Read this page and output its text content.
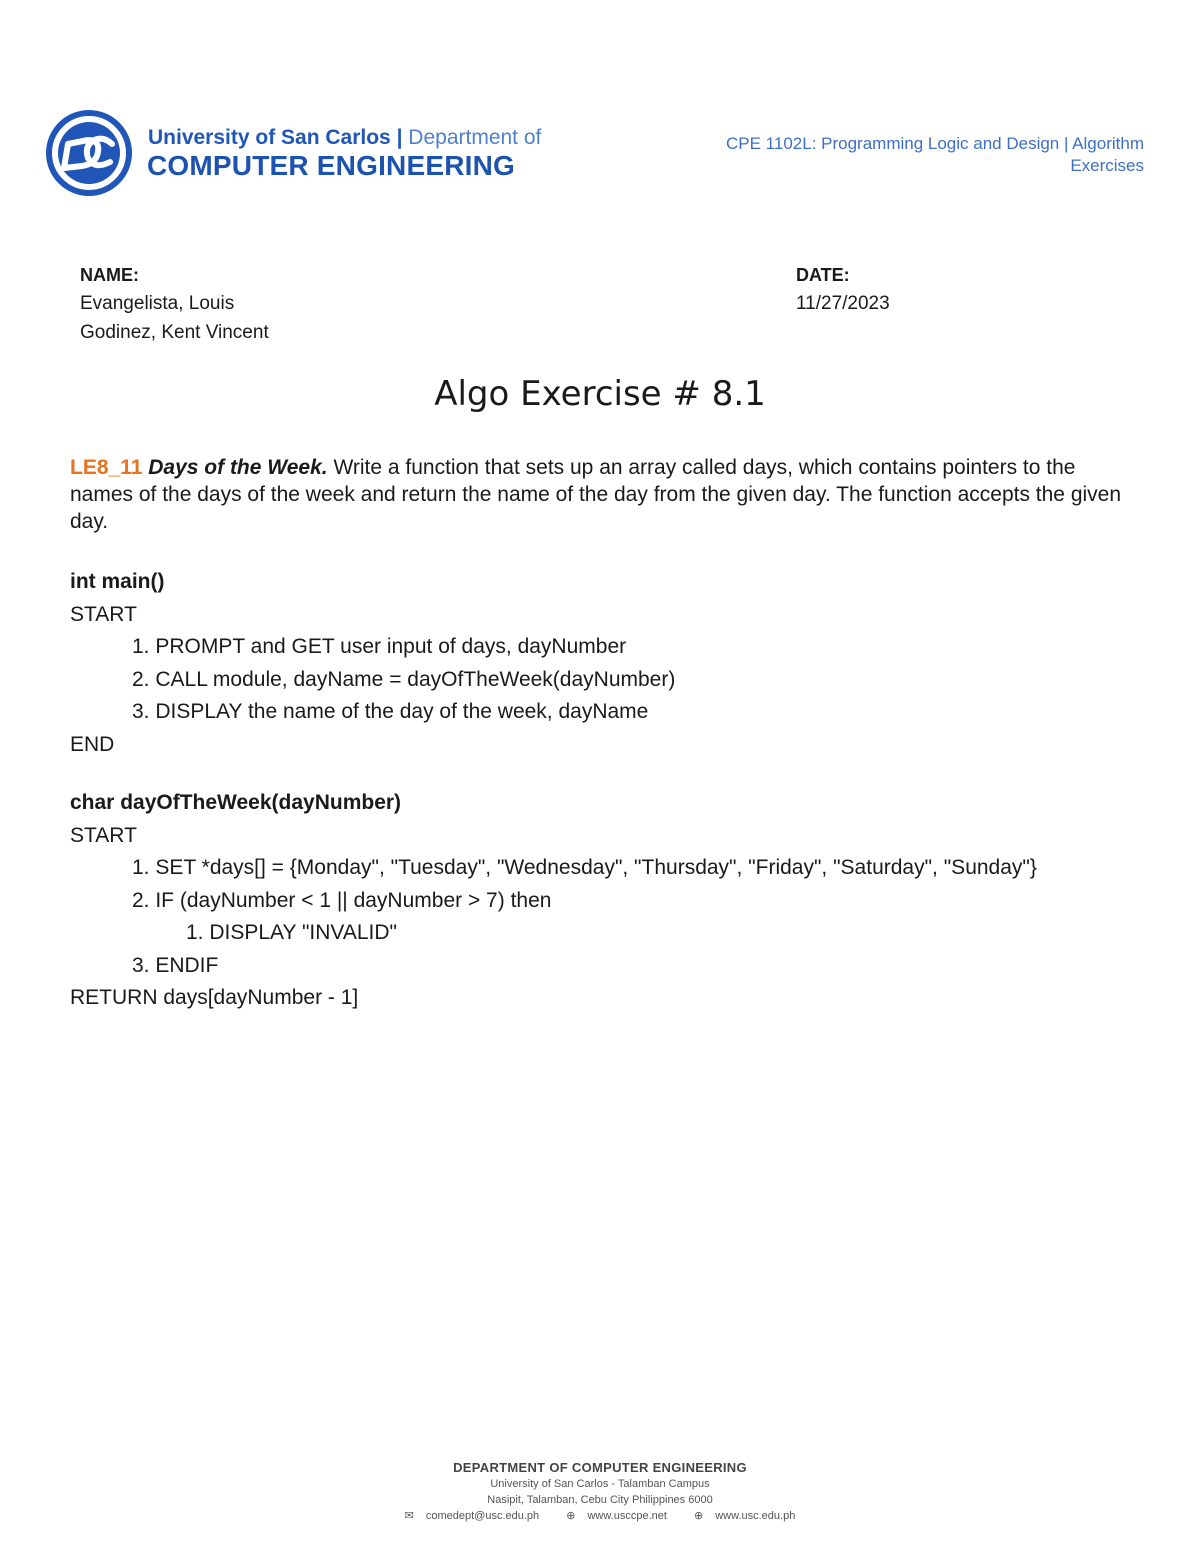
University of San Carlos | Department of
COMPUTER ENGINEERING
CPE 1102L: Programming Logic and Design | Algorithm
Exercises
NAME:
Evangelista, Louis
Godinez, Kent Vincent
DATE:
11/27/2023
Algo Exercise # 8.1
LE8_11 Days of the Week. Write a function that sets up an array called days, which contains pointers to the names of the days of the week and return the name of the day from the given day. The function accepts the given day.
int main()
START
1. PROMPT and GET user input of days, dayNumber
2. CALL module, dayName = dayOfTheWeek(dayNumber)
3. DISPLAY the name of the day of the week, dayName
END
char dayOfTheWeek(dayNumber)
START
1. SET *days[] = {Monday", "Tuesday", "Wednesday", "Thursday", "Friday", "Saturday", "Sunday"}
2. IF (dayNumber < 1 || dayNumber > 7) then
1. DISPLAY "INVALID"
3. ENDIF
RETURN days[dayNumber - 1]
DEPARTMENT OF COMPUTER ENGINEERING
University of San Carlos - Talamban Campus
Nasipit, Talamban, Cebu City Philippines 6000
✉ comedept@usc.edu.ph ⊕ www.usccpe.net ⊕ www.usc.edu.ph
